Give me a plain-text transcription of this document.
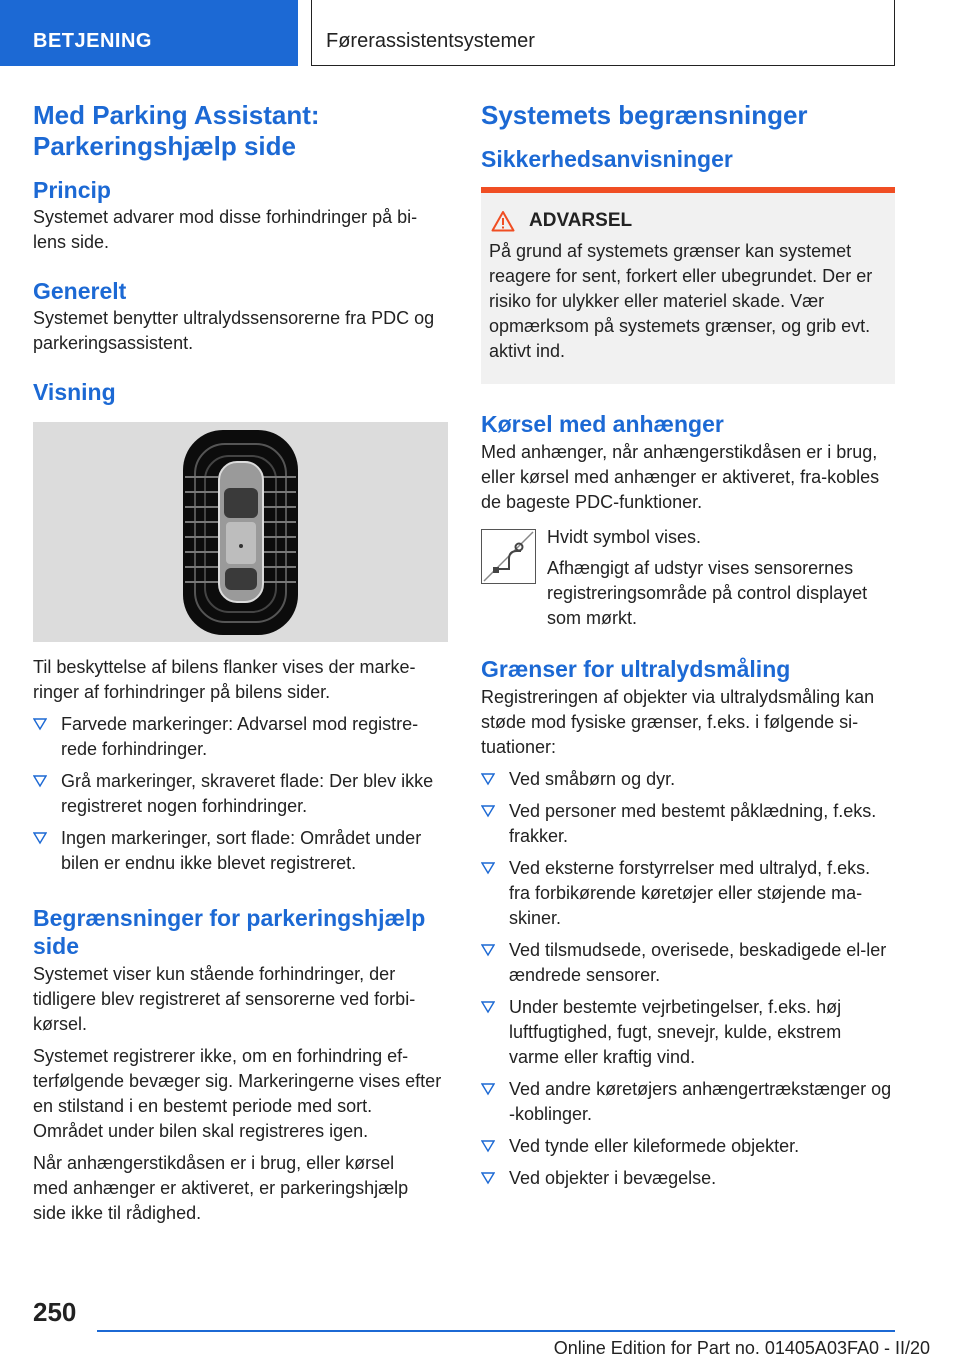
BETJENING	Førerassistentsystemer
Med Parking Assistant: Parkeringshjælp side
Princip

Systemet advarer mod disse forhindringer på bi-lens side.

Generelt

Systemet benytter ultralydssensorerne fra PDC og parkeringsassistent.

Visning

Til beskyttelse af bilens flanker vises der marke-ringer af forhindringer på bilens sider.

Farvede markeringer: Advarsel mod registre-rede forhindringer.
Grå markeringer, skraveret flade: Der blev ikke registreret nogen forhindringer.
Ingen markeringer, sort flade: Området under bilen er endnu ikke blevet registreret.
Begrænsninger for parkeringshjælp side

Systemet viser kun stående forhindringer, der tidligere blev registreret af sensorerne ved forbi-kørsel.

Systemet registrerer ikke, om en forhindring ef-terfølgende bevæger sig. Markeringerne vises efter en stilstand i en bestemt periode med sort. Området under bilen skal registreres igen.

Når anhængerstikdåsen er i brug, eller kørsel med anhænger er aktiveret, er parkeringshjælp side ikke til rådighed.

Systemets begrænsninger
Sikkerhedsanvisninger
ADVARSEL

På grund af systemets grænser kan systemet reagere for sent, forkert eller ubegrundet. Der er risiko for ulykker eller materiel skade. Vær opmærksom på systemets grænser, og grib evt. aktivt ind.

Kørsel med anhænger

Med anhænger, når anhængerstikdåsen er i brug, eller kørsel med anhænger er aktiveret, fra-kobles de bageste PDC-funktioner.

Hvidt symbol vises.

Afhængigt af udstyr vises sensorernes registreringsområde på control displayet som mørkt.

Grænser for ultralydsmåling

Registreringen af objekter via ultralydsmåling kan støde mod fysiske grænser, f.eks. i følgende si-tuationer:

Ved småbørn og dyr.
Ved personer med bestemt påklædning, f.eks. frakker.
Ved eksterne forstyrrelser med ultralyd, f.eks. fra forbikørende køretøjer eller støjende ma-skiner.
Ved tilsmudsede, overisede, beskadigede el-ler ændrede sensorer.
Under bestemte vejrbetingelser, f.eks. høj luftfugtighed, fugt, snevejr, kulde, ekstrem varme eller kraftig vind.
Ved andre køretøjers anhængertrækstænger og -koblinger.
Ved tynde eller kileformede objekter.
Ved objekter i bevægelse.
250
Online Edition for Part no. 01405A03FA0 - II/20
